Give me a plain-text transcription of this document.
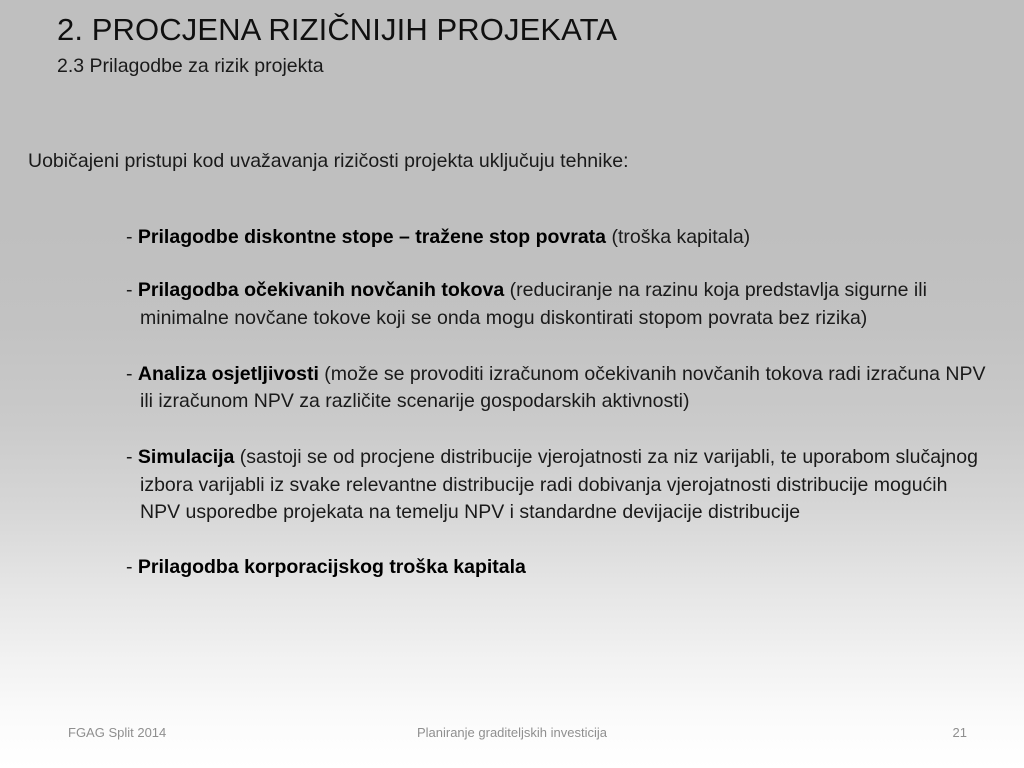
2. PROCJENA RIZIČNIJIH PROJEKATA
2.3 Prilagodbe za rizik projekta
Uobičajeni pristupi kod uvažavanja rizičosti projekta uključuju tehnike:

- Prilagodbe diskontne stope – tražene stop povrata (troška kapitala)

- Prilagodba očekivanih novčanih tokova (reduciranje na razinu koja predstavlja sigurne ili minimalne novčane tokove koji se onda mogu diskontirati stopom povrata bez rizika)

- Analiza osjetljivosti (može se provoditi izračunom očekivanih novčanih tokova radi izračuna NPV ili izračunom NPV za različite scenarije gospodarskih aktivnosti)

- Simulacija (sastoji se od procjene distribucije vjerojatnosti za niz varijabli, te uporabom slučajnog izbora varijabli iz svake relevantne distribucije radi dobivanja vjerojatnosti distribucije mogućih NPV usporedbe projekata na temelju NPV i standardne devijacije distribucije

- Prilagodba korporacijskog troška kapitala

FGAG Split 2014	Planiranje graditeljskih investicija	21
